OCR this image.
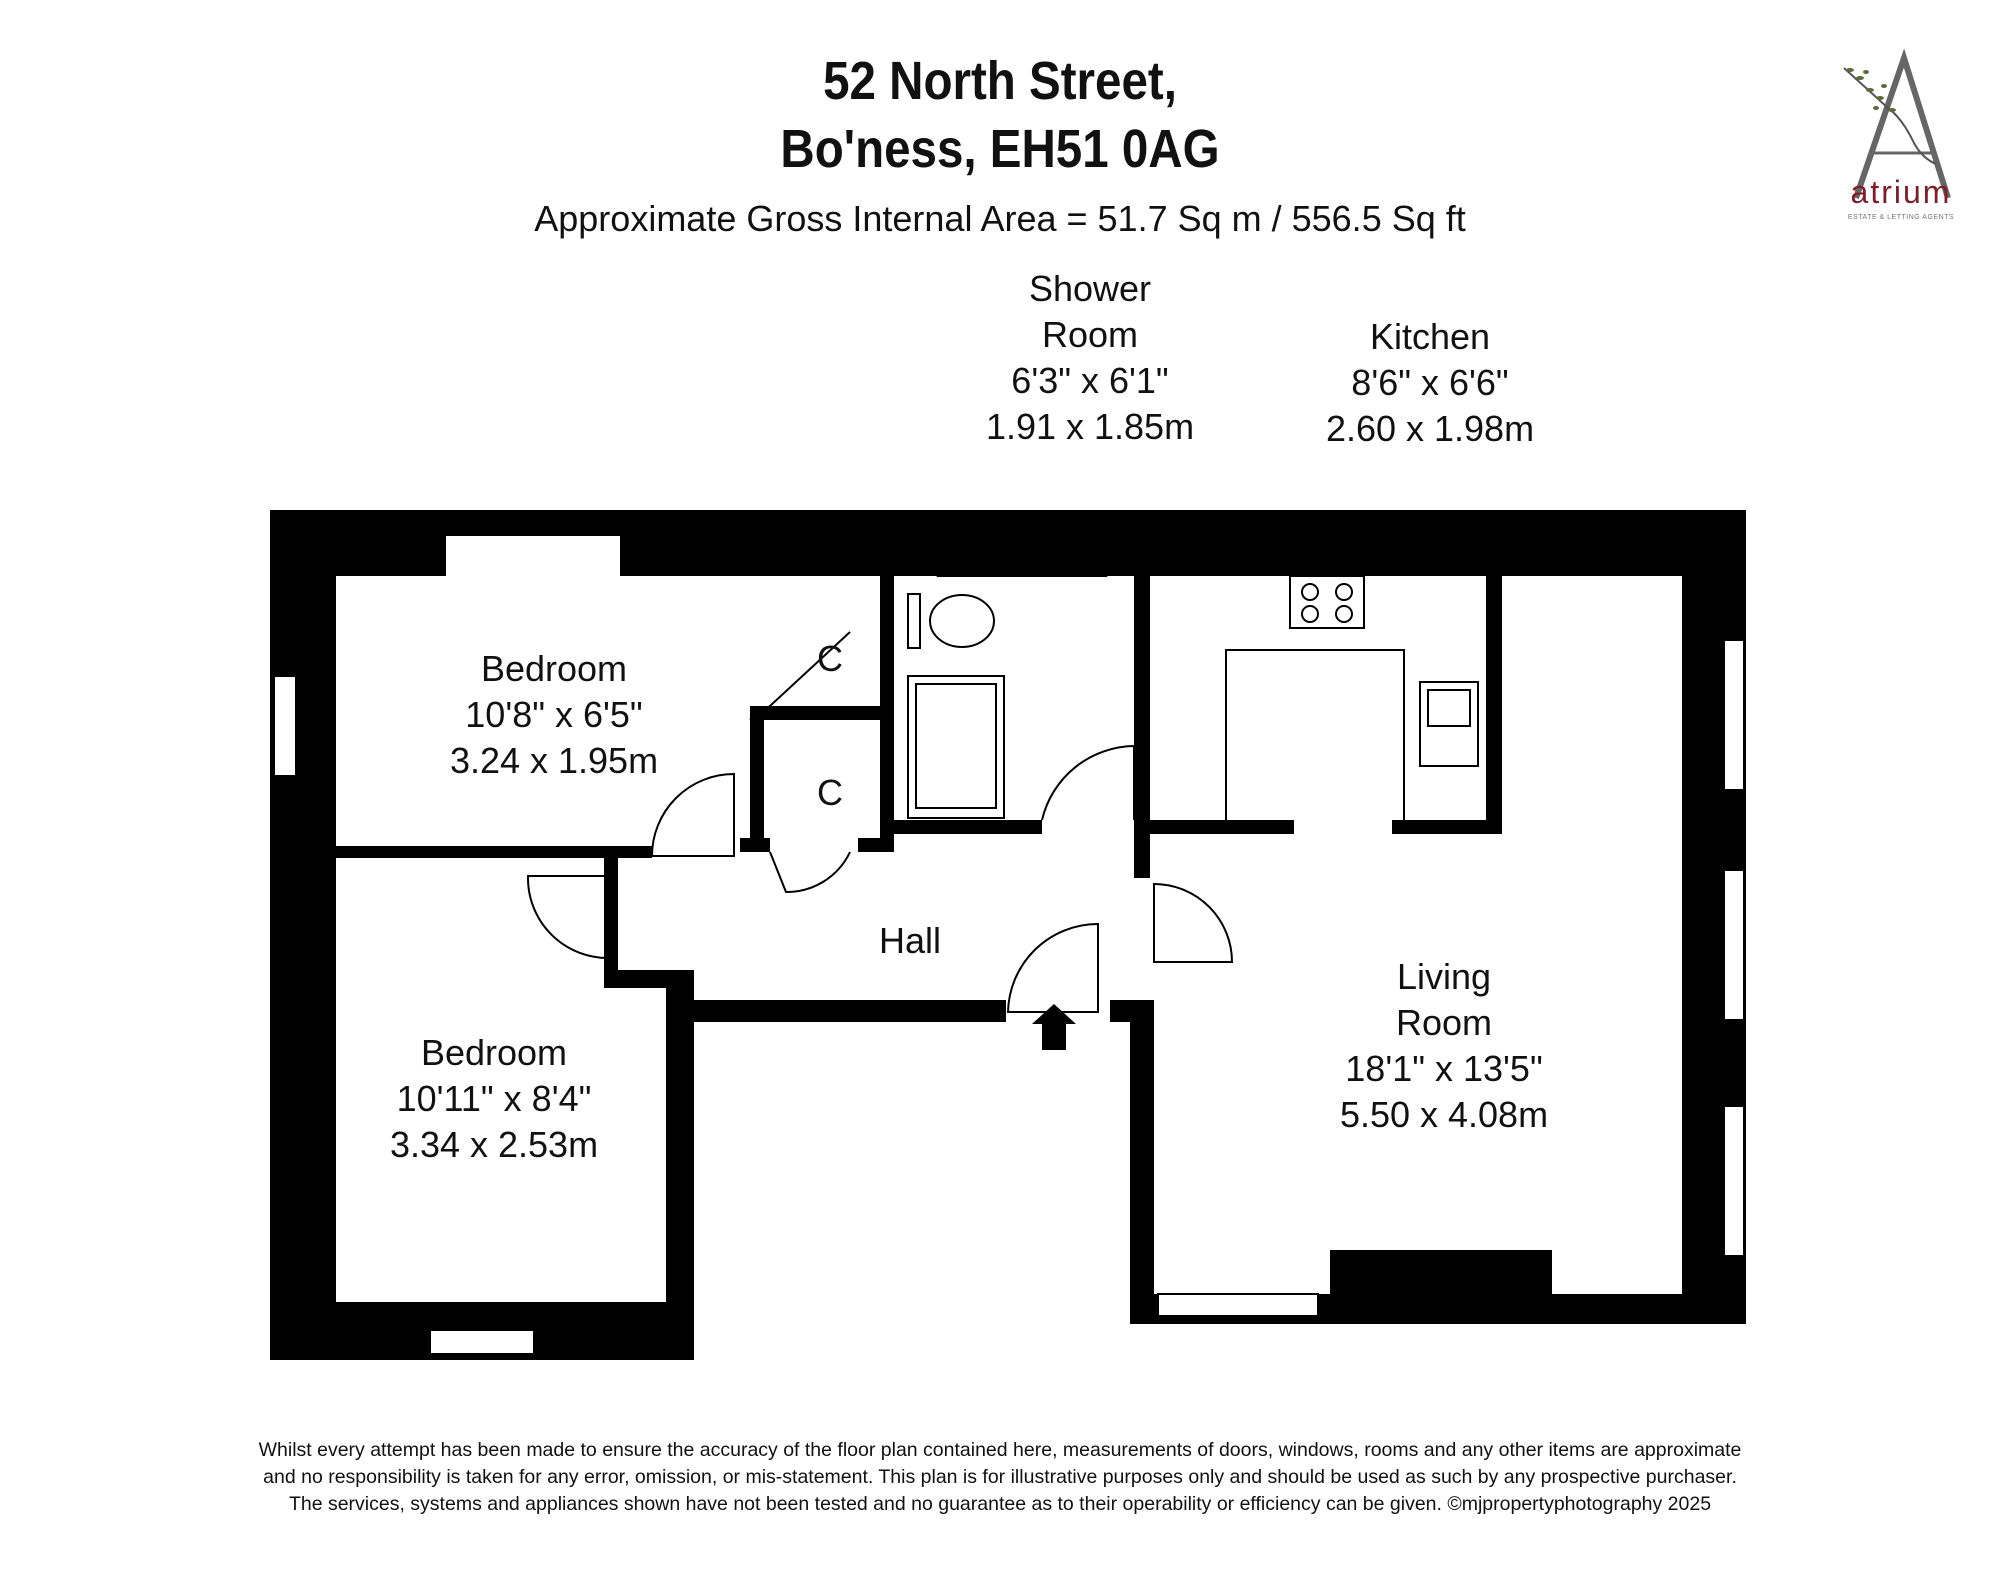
52 North Street,
Bo'ness, EH51 0AG
Approximate Gross Internal Area = 51.7 Sq m / 556.5 Sq ft
atrium
ESTATE & LETTING AGENTS
Shower
Room
6'3" x 6'1"
1.91 x 1.85m
Kitchen
8'6" x 6'6"
2.60 x 1.98m
Bedroom
10'8" x 6'5"
3.24 x 1.95m
Bedroom
10'11" x 8'4"
3.34 x 2.53m
Living
Room
18'1" x 13'5"
5.50 x 4.08m
Hall
C
C
Whilst every attempt has been made to ensure the accuracy of the floor plan contained here, measurements of doors, windows, rooms and any other items are approximate
and no responsibility is taken for any error, omission, or mis-statement. This plan is for illustrative purposes only and should be used as such by any prospective purchaser.
The services, systems and appliances shown have not been tested and no guarantee as to their operability or efficiency can be given. ©mjpropertyphotography 2025
